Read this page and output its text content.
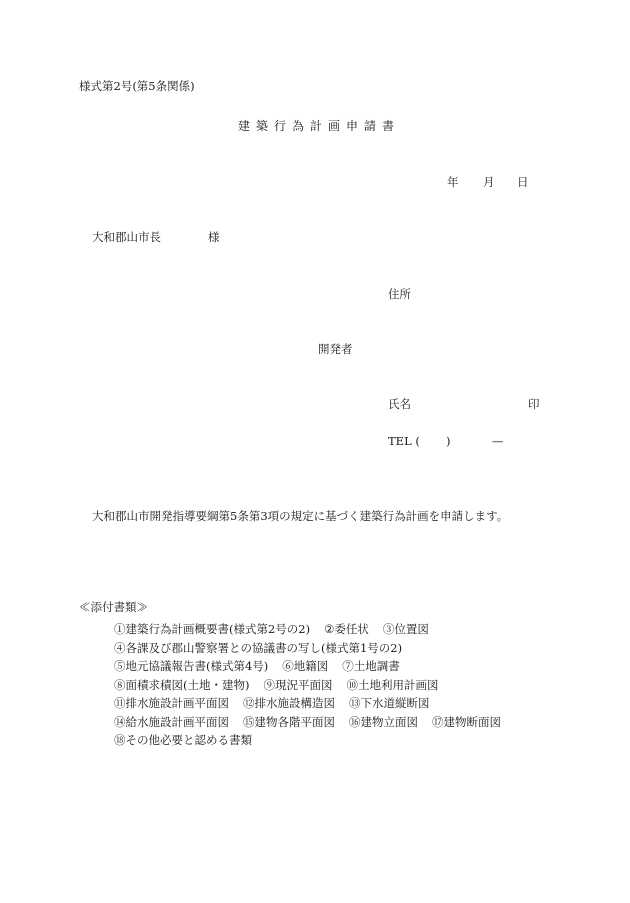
様式第2号(第5条関係)
建築行為計画申請書
年 月 日
大和郡山市長	様
住所
開発者
氏名	印
TEL ( )	—
大和郡山市開発指導要綱第5条第3項の規定に基づく建築行為計画を申請します。
≪添付書類≫
①建築行為計画概要書(様式第2号の2) ②委任状 ③位置図
④各課及び郡山警察署との協議書の写し(様式第1号の2)
⑤地元協議報告書(様式第4号) ⑥地籍図 ⑦土地調書
⑧面積求積図(土地・建物) ⑨現況平面図 ⑩土地利用計画図
⑪排水施設計画平面図 ⑫排水施設構造図 ⑬下水道縦断図
⑭給水施設計画平面図 ⑮建物各階平面図 ⑯建物立面図 ⑰建物断面図
⑱その他必要と認める書類
